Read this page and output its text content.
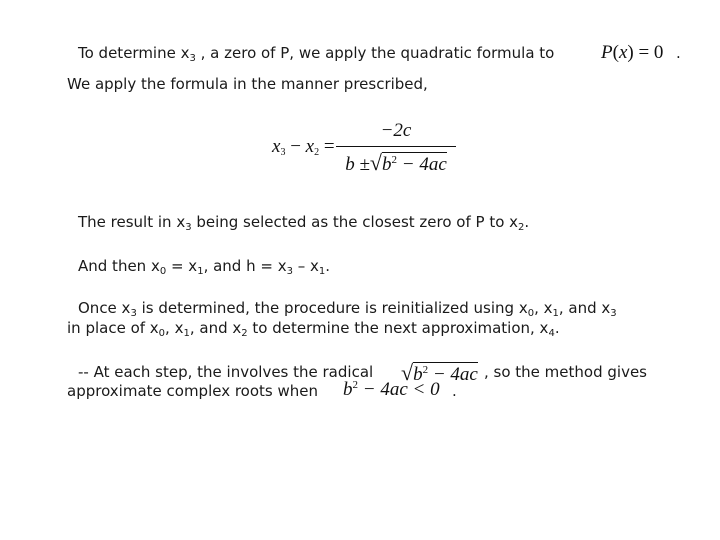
To determine $x_3$ , a zero of P, we apply the quadratic formula to P(x) = 0 .
We apply the formula in the manner prescribed,
$x_3 - x_2$ =
−2c
$b \pm√b^2 - 4ac$
The result in $x_3$ being selected as the closest zero of P to $x_2$.
And then $x_0 = x_1$, and $h = x_3 - x_1$.
Once $x_3$ is determined, the procedure is reinitialized using $x_0$, $x_1$, and $x_3$
in place of $x_0$, $x_1$, and $x_2$ to determine the next approximation, $x_4$.
-- At each step, the involves the radical $√b^2 - 4ac$ , so the method gives
approximate complex roots when $b^2 - 4ac < 0$ .
